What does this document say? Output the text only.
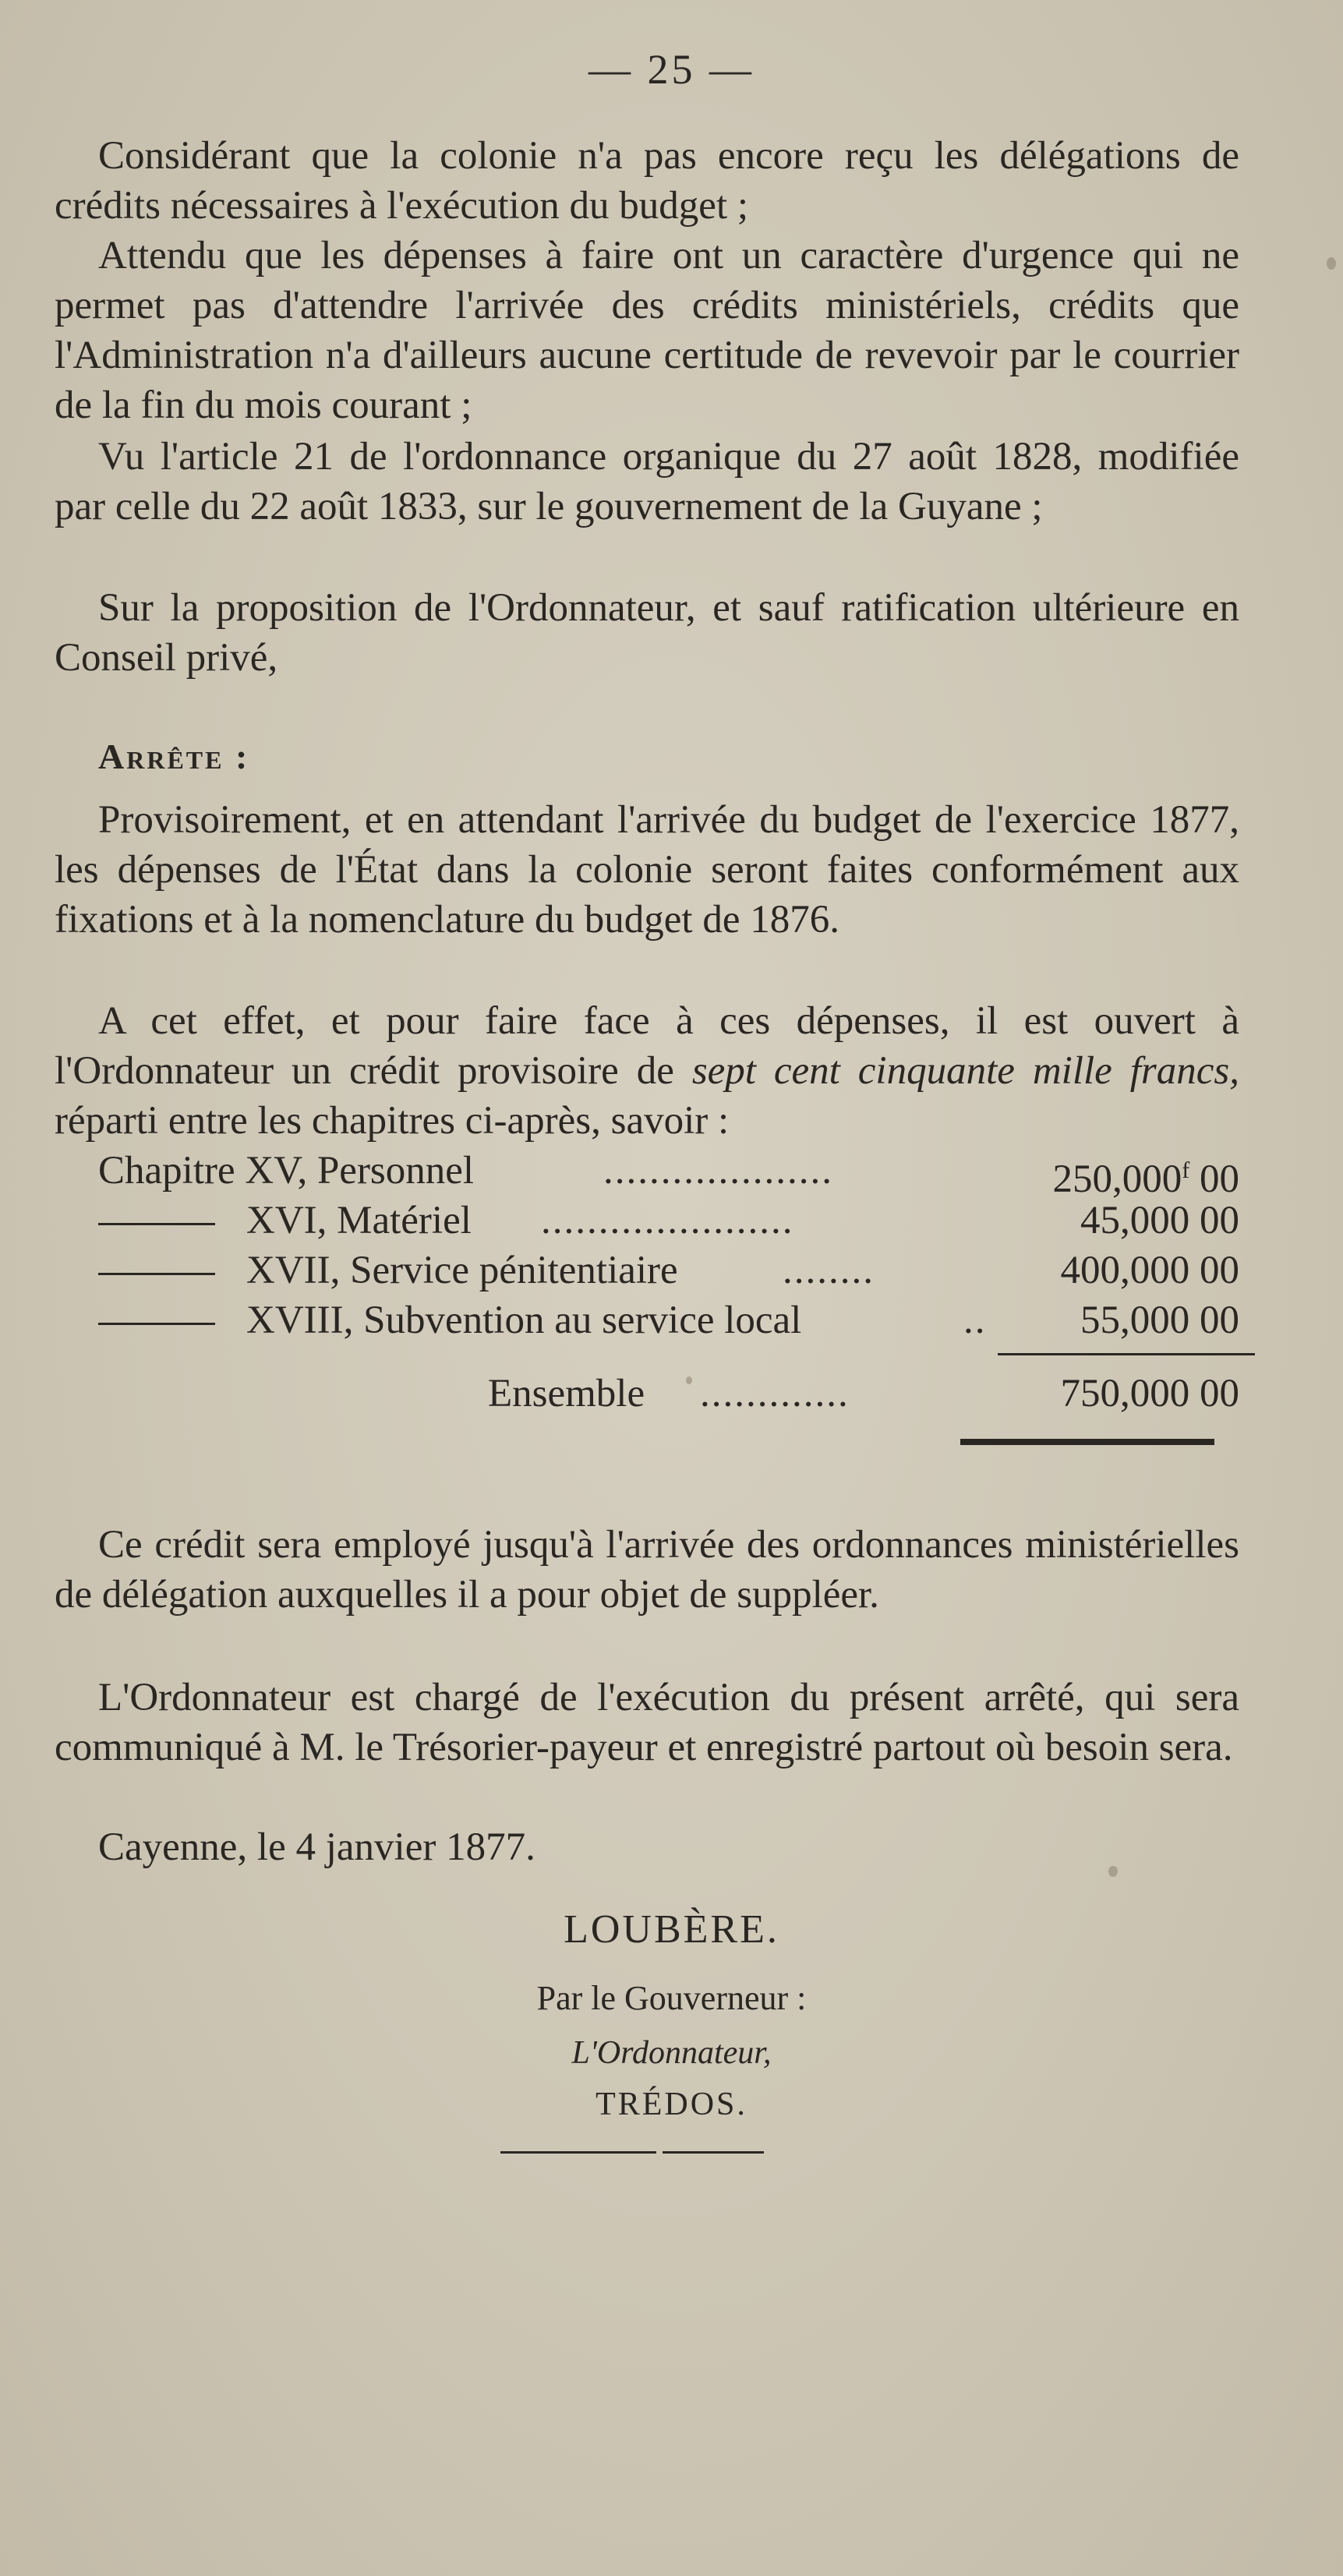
— 25 —
Considérant que la colonie n'a pas encore reçu les délégations de crédits nécessaires à l'exécution du budget ;
Attendu que les dépenses à faire ont un caractère d'urgence qui ne permet pas d'attendre l'arrivée des crédits ministériels, crédits que l'Administration n'a d'ailleurs aucune certitude de revevoir par le courrier de la fin du mois courant ;
Vu l'article 21 de l'ordonnance organique du 27 août 1828, modifiée par celle du 22 août 1833, sur le gouvernement de la Guyane ;
Sur la proposition de l'Ordonnateur, et sauf ratification ultérieure en Conseil privé,
Arrête :
Provisoirement, et en attendant l'arrivée du budget de l'exercice 1877, les dépenses de l'État dans la colonie seront faites conformément aux fixations et à la nomenclature du budget de 1876.
A cet effet, et pour faire face à ces dépenses, il est ouvert à l'Ordonnateur un crédit provisoire de sept cent cinquante mille francs, réparti entre les chapitres ci-après, savoir :
Chapitre XV, Personnel	....................	250,000$^f$ 00
XVI, Matériel ......................	45,000 00
XVII, Service pénitentiaire	........	400,000 00
XVIII, Subvention au service local	..	55,000 00
Ensemble .............	750,000 00
Ce crédit sera employé jusqu'à l'arrivée des ordonnances ministérielles de délégation auxquelles il a pour objet de suppléer.
L'Ordonnateur est chargé de l'exécution du présent arrêté, qui sera communiqué à M. le Trésorier-payeur et enregistré partout où besoin sera.
Cayenne, le 4 janvier 1877.
LOUBÈRE.
Par le Gouverneur :
L'Ordonnateur,
TRÉDOS.
